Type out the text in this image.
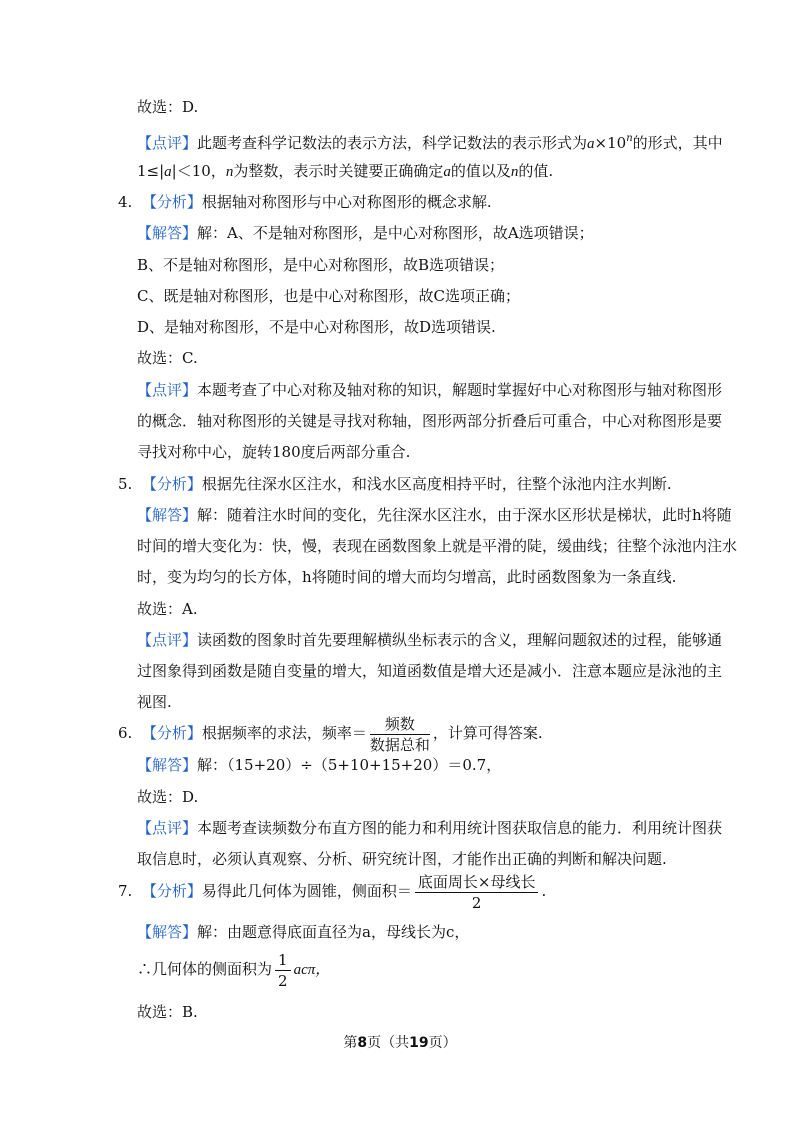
故选：D.
【点评】此题考查科学记数法的表示方法，科学记数法的表示形式为$a\times 10^n$的形式，其中
1≤|a|＜10，n为整数，表示时关键要正确确定a的值以及n的值.
4. 【分析】根据轴对称图形与中心对称图形的概念求解.
【解答】解：A、不是轴对称图形，是中心对称图形，故A选项错误；
B、不是轴对称图形，是中心对称图形，故B选项错误；
C、既是轴对称图形，也是中心对称图形，故C选项正确；
D、是轴对称图形，不是中心对称图形，故D选项错误.
故选：C.
【点评】本题考查了中心对称及轴对称的知识，解题时掌握好中心对称图形与轴对称图形
的概念．轴对称图形的关键是寻找对称轴，图形两部分折叠后可重合，中心对称图形是要
寻找对称中心，旋转180度后两部分重合.
5. 【分析】根据先往深水区注水，和浅水区高度相持平时，往整个泳池内注水判断.
【解答】解：随着注水时间的变化，先往深水区注水，由于深水区形状是梯状，此时h将随
时间的增大变化为：快，慢，表现在函数图象上就是平滑的陡，缓曲线；往整个泳池内注水
时，变为均匀的长方体，h将随时间的增大而均匀增高，此时函数图象为一条直线.
故选：A.
【点评】读函数的图象时首先要理解横纵坐标表示的含义，理解问题叙述的过程，能够通
过图象得到函数是随自变量的增大，知道函数值是增大还是减小．注意本题应是泳池的主
视图.
6. 【分析】根据频率的求法，频率＝ $\frac{\text{频数}}{\text{数据总和}}$ ，计算可得答案.
【解答】解：（15+20）÷（5+10+15+20）＝0.7，
故选：D.
【点评】本题考查读频数分布直方图的能力和利用统计图获取信息的能力．利用统计图获
取信息时，必须认真观察、分析、研究统计图，才能作出正确的判断和解决问题.
7. 【分析】易得此几何体为圆锥，侧面积＝ $\frac{\text{底面周长×母线长}}{2}$ .
【解答】解：由题意得底面直径为a，母线长为c，
∴几何体的侧面积为 $\frac{1}{2}$ acπ，
故选：B.
第8页（共19页）
